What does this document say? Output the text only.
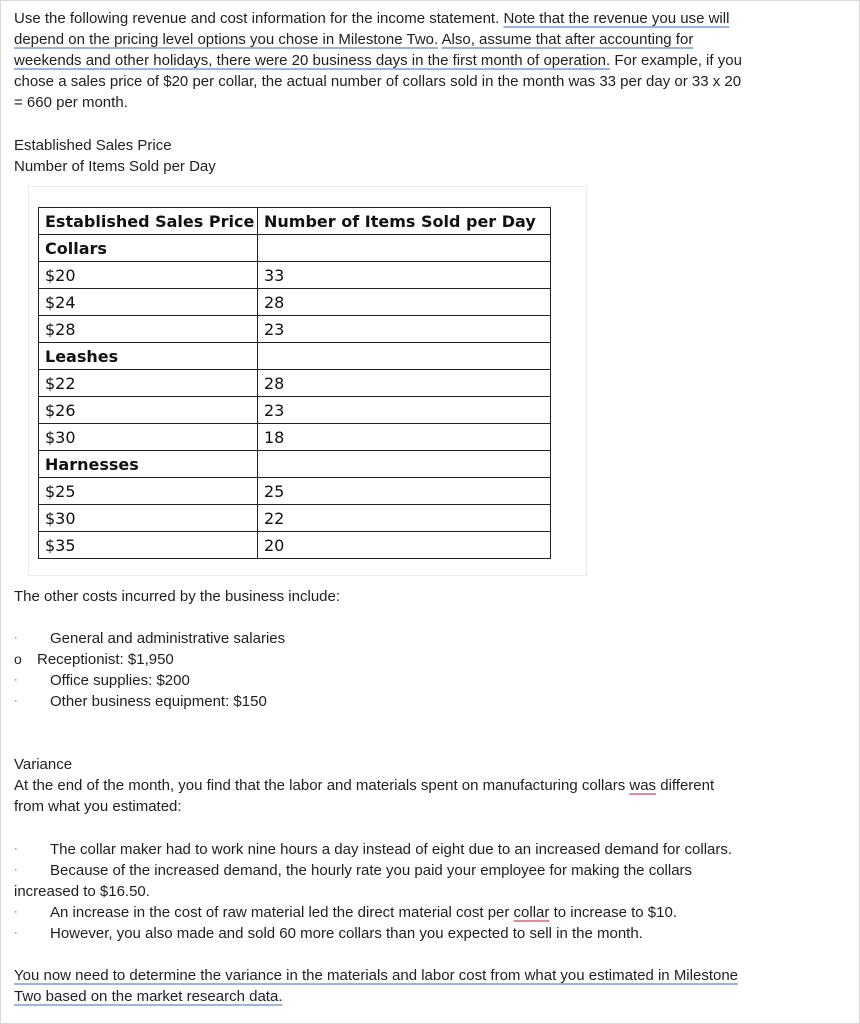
Use the following revenue and cost information for the income statement. Note that the revenue you use will
depend on the pricing level options you chose in Milestone Two. Also, assume that after accounting for
weekends and other holidays, there were 20 business days in the first month of operation. For example, if you
chose a sales price of $20 per collar, the actual number of collars sold in the month was 33 per day or 33 x 20
= 660 per month.
Established Sales Price
Number of Items Sold per Day
Established Sales Price	Number of Items Sold per Day
Collars	
$20	33
$24	28
$28	23
Leashes	
$22	28
$26	23
$30	18
Harnesses	
$25	25
$30	22
$35	20
The other costs incurred by the business include:
· General and administrative salaries
o Receptionist: $1,950
· Office supplies: $200
· Other business equipment: $150
Variance
At the end of the month, you find that the labor and materials spent on manufacturing collars was different
from what you estimated:
· The collar maker had to work nine hours a day instead of eight due to an increased demand for collars.
· Because of the increased demand, the hourly rate you paid your employee for making the collars
increased to $16.50.
· An increase in the cost of raw material led the direct material cost per collar to increase to $10.
· However, you also made and sold 60 more collars than you expected to sell in the month.
You now need to determine the variance in the materials and labor cost from what you estimated in Milestone
Two based on the market research data.
